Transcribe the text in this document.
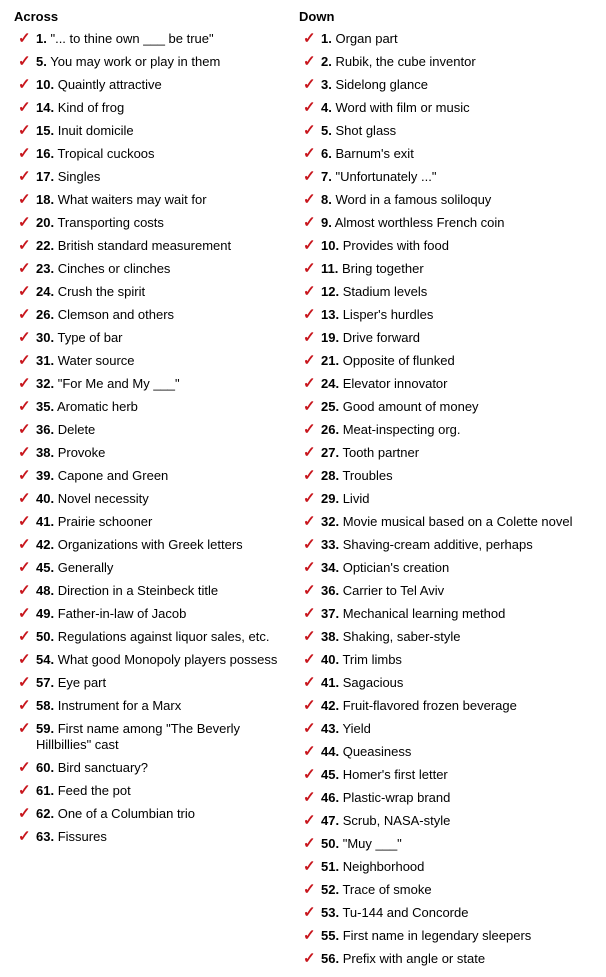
Across
✓ 1. "... to thine own ___ be true"
✓ 5. You may work or play in them
✓ 10. Quaintly attractive
✓ 14. Kind of frog
✓ 15. Inuit domicile
✓ 16. Tropical cuckoos
✓ 17. Singles
✓ 18. What waiters may wait for
✓ 20. Transporting costs
✓ 22. British standard measurement
✓ 23. Cinches or clinches
✓ 24. Crush the spirit
✓ 26. Clemson and others
✓ 30. Type of bar
✓ 31. Water source
✓ 32. "For Me and My ___"
✓ 35. Aromatic herb
✓ 36. Delete
✓ 38. Provoke
✓ 39. Capone and Green
✓ 40. Novel necessity
✓ 41. Prairie schooner
✓ 42. Organizations with Greek letters
✓ 45. Generally
✓ 48. Direction in a Steinbeck title
✓ 49. Father-in-law of Jacob
✓ 50. Regulations against liquor sales, etc.
✓ 54. What good Monopoly players possess
✓ 57. Eye part
✓ 58. Instrument for a Marx
✓ 59. First name among "The Beverly Hillbillies" cast
✓ 60. Bird sanctuary?
✓ 61. Feed the pot
✓ 62. One of a Columbian trio
✓ 63. Fissures
Down
✓ 1. Organ part
✓ 2. Rubik, the cube inventor
✓ 3. Sidelong glance
✓ 4. Word with film or music
✓ 5. Shot glass
✓ 6. Barnum's exit
✓ 7. "Unfortunately ..."
✓ 8. Word in a famous soliloquy
✓ 9. Almost worthless French coin
✓ 10. Provides with food
✓ 11. Bring together
✓ 12. Stadium levels
✓ 13. Lisper's hurdles
✓ 19. Drive forward
✓ 21. Opposite of flunked
✓ 24. Elevator innovator
✓ 25. Good amount of money
✓ 26. Meat-inspecting org.
✓ 27. Tooth partner
✓ 28. Troubles
✓ 29. Livid
✓ 32. Movie musical based on a Colette novel
✓ 33. Shaving-cream additive, perhaps
✓ 34. Optician's creation
✓ 36. Carrier to Tel Aviv
✓ 37. Mechanical learning method
✓ 38. Shaking, saber-style
✓ 40. Trim limbs
✓ 41. Sagacious
✓ 42. Fruit-flavored frozen beverage
✓ 43. Yield
✓ 44. Queasiness
✓ 45. Homer's first letter
✓ 46. Plastic-wrap brand
✓ 47. Scrub, NASA-style
✓ 50. "Muy ___"
✓ 51. Neighborhood
✓ 52. Trace of smoke
✓ 53. Tu-144 and Concorde
✓ 55. First name in legendary sleepers
✓ 56. Prefix with angle or state
